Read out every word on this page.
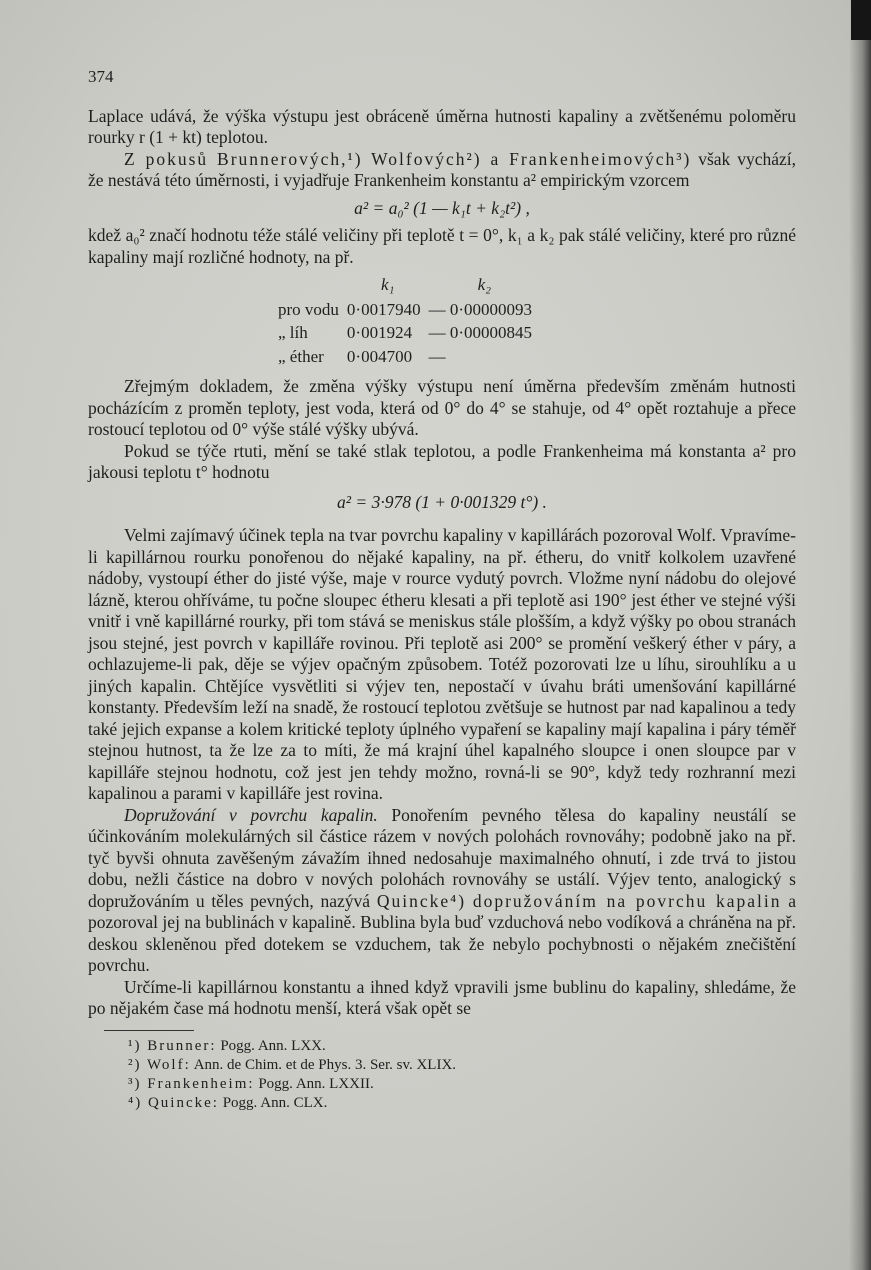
374

Laplace udává, že výška výstupu jest obráceně úměrna hutnosti kapaliny a zvětšenému poloměru rourky r (1 + kt) teplotou.

Z pokusů Brunnerových,¹) Wolfových²) a Frankenheimových³) však vychází, že nestává této úměrnosti, i vyjadřuje Frankenheim konstantu a² empirickým vzorcem

a² = a₀² (1 — k₁t + k₂t²) ,

kdež a₀² značí hodnotu téže stálé veličiny při teplotě t = 0°, k₁ a k₂ pak stálé veličiny, které pro různé kapaliny mají rozličné hodnoty, na př.

	k₁	k₂
pro vodu	0·0017940	— 0·00000093
„ líh	0·001924	— 0·00000845
„ éther	0·004700	—

Zřejmým dokladem, že změna výšky výstupu není úměrna především změnám hutnosti pocházícím z proměn teploty, jest voda, která od 0° do 4° se stahuje, od 4° opět roztahuje a přece rostoucí teplotou od 0° výše stálé výšky ubývá.

Pokud se týče rtuti, mění se také stlak teplotou, a podle Frankenheima má konstanta a² pro jakousi teplotu t° hodnotu

a² = 3·978 (1 + 0·001329 t°) .

Velmi zajímavý účinek tepla na tvar povrchu kapaliny v kapillárách pozoroval Wolf. Vpravíme-li kapillárnou rourku ponořenou do nějaké kapaliny, na př. étheru, do vnitř kolkolem uzavřené nádoby, vystoupí éther do jisté výše, maje v rource vydutý povrch. Vložme nyní nádobu do olejové lázně, kterou ohříváme, tu počne sloupec étheru klesati a při teplotě asi 190° jest éther ve stejné výši vnitř i vně kapillárné rourky, při tom stává se meniskus stále plošším, a když výšky po obou stranách jsou stejné, jest povrch v kapilláře rovinou. Při teplotě asi 200° se promění veškerý éther v páry, a ochlazujeme-li pak, děje se výjev opačným způsobem. Totéž pozorovati lze u líhu, sirouhlíku a u jiných kapalin. Chtějíce vysvětliti si výjev ten, nepostačí v úvahu bráti umenšování kapillárné konstanty. Především leží na snadě, že rostoucí teplotou zvětšuje se hutnost par nad kapalinou a tedy také jejich expanse a kolem kritické teploty úplného vypaření se kapaliny mají kapalina i páry téměř stejnou hutnost, ta že lze za to míti, že má krajní úhel kapalného sloupce i onen sloupce par v kapilláře stejnou hodnotu, což jest jen tehdy možno, rovná-li se 90°, když tedy rozhranní mezi kapalinou a parami v kapilláře jest rovina.

Dopružování v povrchu kapalin. Ponořením pevného tělesa do kapaliny neustálí se účinkováním molekulárných sil částice rázem v nových polohách rovnováhy; podobně jako na př. tyč byvši ohnuta zavěšeným závažím ihned nedosahuje maximalného ohnutí, i zde trvá to jistou dobu, nežli částice na dobro v nových polohách rovnováhy se ustálí. Výjev tento, analogický s dopružováním u těles pevných, nazývá Quincke⁴) dopružováním na povrchu kapalin a pozoroval jej na bublinách v kapalině. Bublina byla buď vzduchová nebo vodíková a chráněna na př. deskou skleněnou před dotekem se vzduchem, tak že nebylo pochybnosti o nějakém znečištění povrchu.

Určíme-li kapillárnou konstantu a ihned když vpravili jsme bublinu do kapaliny, shledáme, že po nějakém čase má hodnotu menší, která však opět se

¹) Brunner: Pogg. Ann. LXX.
²) Wolf: Ann. de Chim. et de Phys. 3. Ser. sv. XLIX.
³) Frankenheim: Pogg. Ann. LXXII.
⁴) Quincke: Pogg. Ann. CLX.
